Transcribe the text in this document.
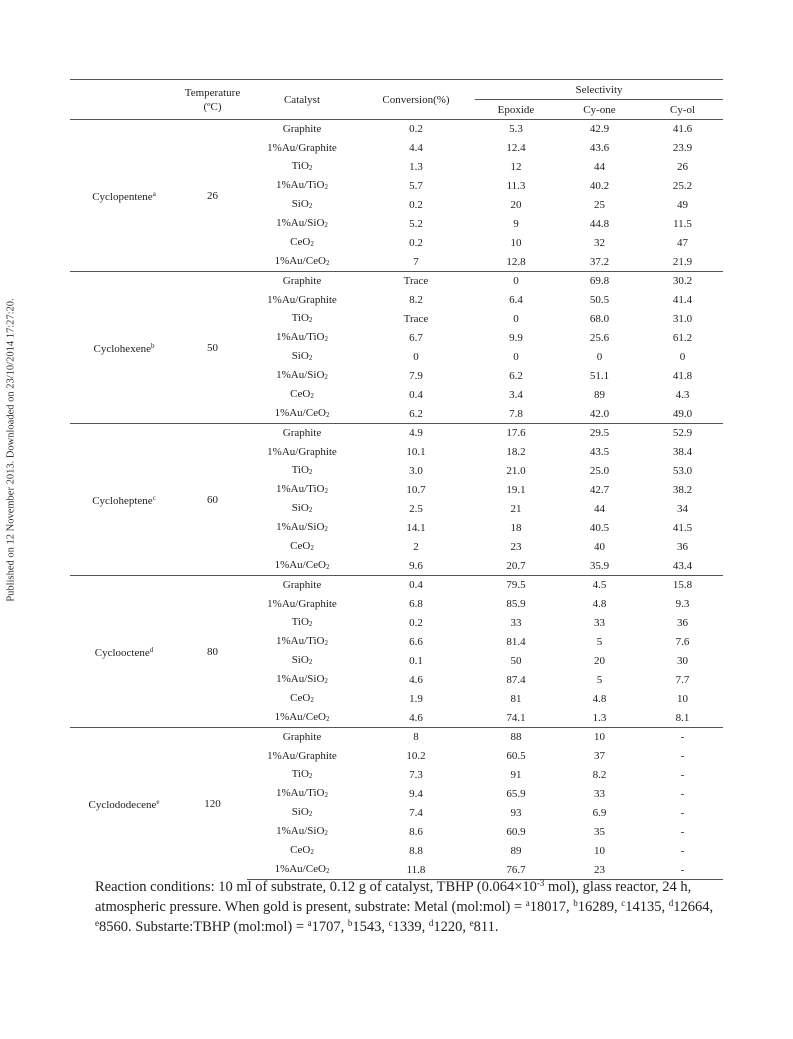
Published on 12 November 2013. Downloaded on 23/10/2014 17:27:20.
	Temperature
(ºC)	Catalyst	Conversion(%)	Selectivity		
				Epoxide	Cy-one	Cy-ol
Cyclopentene$^a$	26	Graphite	0.2	5.3	42.9	41.6
		1%Au/Graphite	4.4	12.4	43.6	23.9
		TiO$_2$	1.3	12	44	26
		1%Au/TiO$_2$	5.7	11.3	40.2	25.2
		SiO$_2$	0.2	20	25	49
		1%Au/SiO$_2$	5.2	9	44.8	11.5
		CeO$_2$	0.2	10	32	47
		1%Au/CeO$_2$	7	12.8	37.2	21.9
Cyclohexene$^b$	50	Graphite	Trace	0	69.8	30.2
		1%Au/Graphite	8.2	6.4	50.5	41.4
		TiO$_2$	Trace	0	68.0	31.0
		1%Au/TiO$_2$	6.7	9.9	25.6	61.2
		SiO$_2$	0	0	0	0
		1%Au/SiO$_2$	7.9	6.2	51.1	41.8
		CeO$_2$	0.4	3.4	89	4.3
		1%Au/CeO$_2$	6.2	7.8	42.0	49.0
Cycloheptene$^c$	60	Graphite	4.9	17.6	29.5	52.9
		1%Au/Graphite	10.1	18.2	43.5	38.4
		TiO$_2$	3.0	21.0	25.0	53.0
		1%Au/TiO$_2$	10.7	19.1	42.7	38.2
		SiO$_2$	2.5	21	44	34
		1%Au/SiO$_2$	14.1	18	40.5	41.5
		CeO$_2$	2	23	40	36
		1%Au/CeO$_2$	9.6	20.7	35.9	43.4
Cyclooctene$^d$	80	Graphite	0.4	79.5	4.5	15.8
		1%Au/Graphite	6.8	85.9	4.8	9.3
		TiO$_2$	0.2	33	33	36
		1%Au/TiO$_2$	6.6	81.4	5	7.6
		SiO$_2$	0.1	50	20	30
		1%Au/SiO$_2$	4.6	87.4	5	7.7
		CeO$_2$	1.9	81	4.8	10
		1%Au/CeO$_2$	4.6	74.1	1.3	8.1
Cyclododecene$^e$	120	Graphite	8	88	10	-
		1%Au/Graphite	10.2	60.5	37	-
		TiO$_2$	7.3	91	8.2	-
		1%Au/TiO$_2$	9.4	65.9	33	-
		SiO$_2$	7.4	93	6.9	-
		1%Au/SiO$_2$	8.6	60.9	35	-
		CeO$_2$	8.8	89	10	-
		1%Au/CeO$_2$	11.8	76.7	23	-
Reaction conditions: 10 ml of substrate, 0.12 g of catalyst, TBHP ($0.064\times 10^{-3}$ mol), glass reactor, 24 h, atmospheric pressure. When gold is present, substrate: Metal (mol:mol) = $^a$18017, $^b$16289, $^c$14135, $^d$12664, $^e$8560. Substarte:TBHP (mol:mol) = $^a$1707, $^b$1543, $^c$1339, $^d$1220, $^e$811.
